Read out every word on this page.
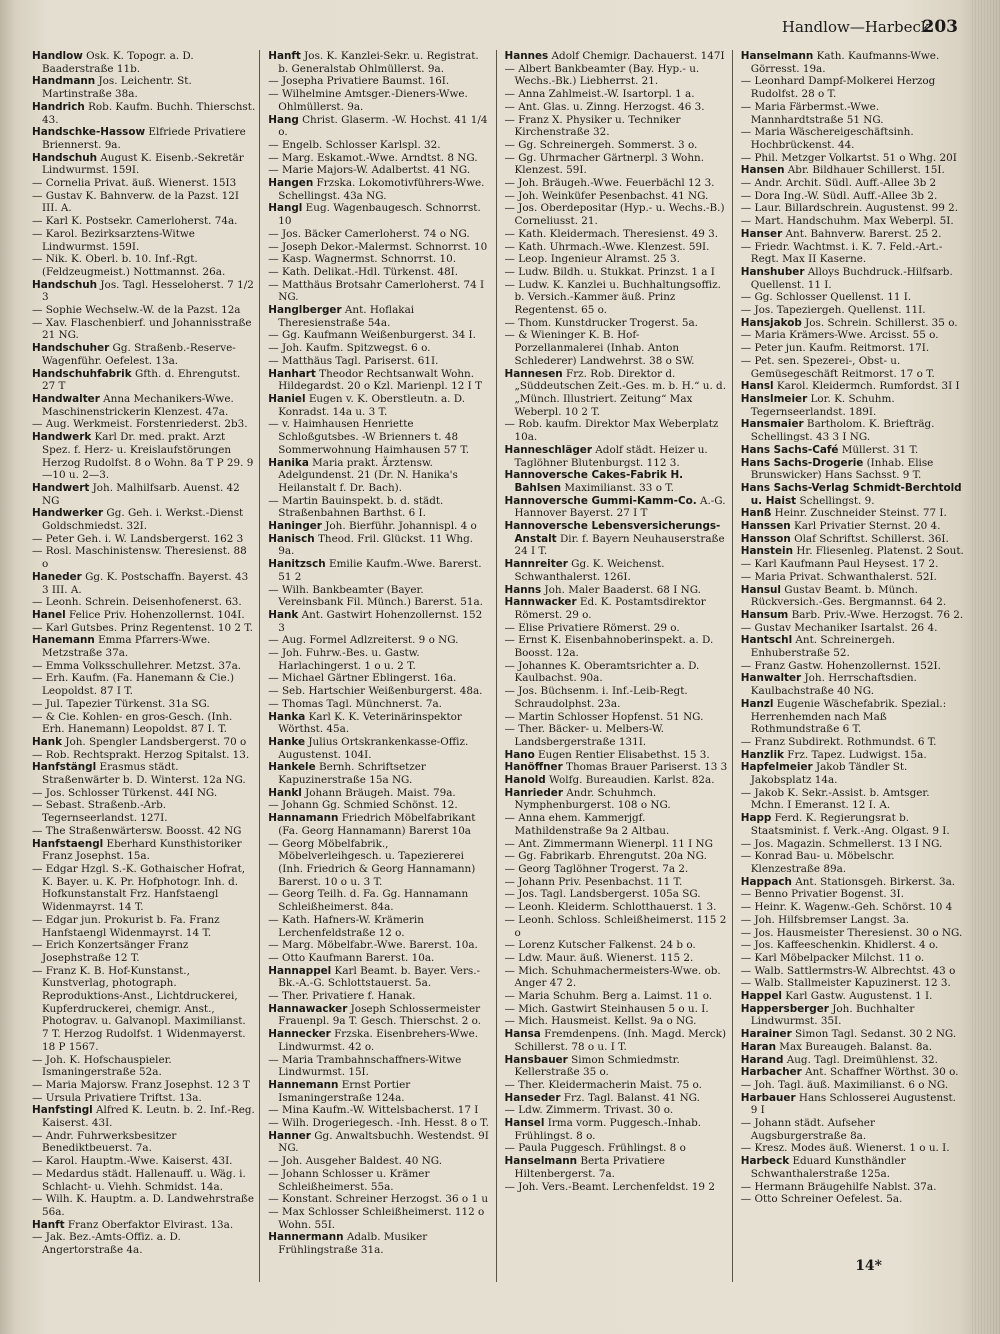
Handlow—Harbeck
203

Handlow Osk. K. Topogr. a. D. Baaderstraße 11b.

Handmann Jos. Leichentr. St. Martinstraße 38a.

Handrich Rob. Kaufm. Buchh. Thierschst. 43.

Handschke-Hassow Elfriede Privatiere Briennerst. 9a.

Handschuh August K. Eisenb.-Sekretär Lindwurmst. 159I.

— Cornelia Privat. äuß. Wienerst. 15I3

— Gustav K. Bahnverw. de la Pazst. 12I III. A.

— Karl K. Postsekr. Camerloherst. 74a.

— Karol. Bezirksarztens-Witwe Lindwurmst. 159I.

— Nik. K. Oberl. b. 10. Inf.-Rgt. (Feldzeugmeist.) Nottmannst. 26a.

Handschuh Jos. Tagl. Hesseloherst. 7 1/2 3

— Sophie Wechselw.-W. de la Pazst. 12a

— Xav. Flaschenbierf. und Johannisstraße 21 NG.

Handschuher Gg. Straßenb.-Reserve-Wagenführ. Oefelest. 13a.

Handschuhfabrik Gfth. d. Ehrengutst. 27 T

Handwalter Anna Mechanikers-Wwe. Maschinenstrickerin Klenzest. 47a.

— Aug. Werkmeist. Forstenriederst. 2b3.

Handwerk Karl Dr. med. prakt. Arzt Spez. f. Herz- u. Kreislaufstörungen Herzog Rudolfst. 8 o Wohn. 8a T P 29. 9—10 u. 2—3.

Handwert Joh. Malhilfsarb. Auenst. 42 NG

Handwerker Gg. Geh. i. Werkst.-Dienst Goldschmiedst. 32I.

— Peter Geh. i. W. Landsbergerst. 162 3

— Rosl. Maschinistensw. Theresienst. 88 o

Haneder Gg. K. Postschaffn. Bayerst. 43 3 III. A.

— Leonh. Schrein. Deisenhofenerst. 63.

Hanel Felice Priv. Hohenzollernst. 104I.

— Karl Gutsbes. Prinz Regentenst. 10 2 T.

Hanemann Emma Pfarrers-Wwe. Metzstraße 37a.

— Emma Volksschullehrer. Metzst. 37a.

— Erh. Kaufm. (Fa. Hanemann & Cie.) Leopoldst. 87 I T.

— Jul. Tapezier Türkenst. 31a SG.

— & Cie. Kohlen- en gros-Gesch. (Inh. Erh. Hanemann) Leopoldst. 87 I. T.

Hank Joh. Spengler Landsbergerst. 70 o

— Rob. Rechtsprakt. Herzog Spitalst. 13.

Hanfstängl Erasmus städt. Straßenwärter b. D. Winterst. 12a NG.

— Jos. Schlosser Türkenst. 44I NG.

— Sebast. Straßenb.-Arb. Tegernseerlandst. 127I.

— The Straßenwärtersw. Boosst. 42 NG

Hanfstaengl Eberhard Kunsthistoriker Franz Josephst. 15a.

— Edgar Hzgl. S.-K. Gothaischer Hofrat, K. Bayer. u. K. Pr. Hofphotogr. Inh. d. Hofkunstanstalt Frz. Hanfstaengl Widenmayrst. 14 T.

— Edgar jun. Prokurist b. Fa. Franz Hanfstaengl Widenmayrst. 14 T.

— Erich Konzertsänger Franz Josephstraße 12 T.

— Franz K. B. Hof-Kunstanst., Kunstverlag, photograph. Reproduktions-Anst., Lichtdruckerei, Kupferdruckerei, chemigr. Anst., Photograv. u. Galvanopl. Maximilianst. 7 T. Herzog Rudolfst. 1 Widenmayerst. 18 P 1567.

— Joh. K. Hofschauspieler. Ismaningerstraße 52a.

— Maria Majorsw. Franz Josephst. 12 3 T

— Ursula Privatiere Triftst. 13a.

Hanfstingl Alfred K. Leutn. b. 2. Inf.-Reg. Kaiserst. 43I.

— Andr. Fuhrwerksbesitzer Benediktbeuerst. 7a.

— Karol. Hauptm.-Wwe. Kaiserst. 43I.

— Medardus städt. Hallenauff. u. Wäg. i. Schlacht- u. Viehh. Schmidst. 14a.

— Wilh. K. Hauptm. a. D. Landwehrstraße 56a.

Hanft Franz Oberfaktor Elvirast. 13a.

— Jak. Bez.-Amts-Offiz. a. D. Angertorstraße 4a.

Hanft Jos. K. Kanzlei-Sekr. u. Registrat. b. Generalstab Ohlmüllerst. 9a.

— Josepha Privatiere Baumst. 16I.

— Wilhelmine Amtsger.-Dieners-Wwe. Ohlmüllerst. 9a.

Hang Christ. Glaserm. -W. Hochst. 41 1/4 o.

— Engelb. Schlosser Karlspl. 32.

— Marg. Eskamot.-Wwe. Arndtst. 8 NG.

— Marie Majors-W. Adalbertst. 41 NG.

Hangen Frzska. Lokomotivführers-Wwe. Schellingst. 43a NG.

Hangl Eug. Wagenbaugesch. Schnorrst. 10

— Jos. Bäcker Camerloherst. 74 o NG.

— Joseph Dekor.-Malermst. Schnorrst. 10

— Kasp. Wagnermst. Schnorrst. 10.

— Kath. Delikat.-Hdl. Türkenst. 48I.

— Matthäus Brotsahr Camerloherst. 74 I NG.

Hanglberger Ant. Hoflakai Theresienstraße 54a.

— Gg. Kaufmann Weißenburgerst. 34 I.

— Joh. Kaufm. Spitzwegst. 6 o.

— Matthäus Tagl. Pariserst. 61I.

Hanhart Theodor Rechtsanwalt Wohn. Hildegardst. 20 o Kzl. Marienpl. 12 I T

Haniel Eugen v. K. Oberstleutn. a. D. Konradst. 14a u. 3 T.

— v. Haimhausen Henriette Schloßgutsbes. -W Brienners t. 48 Sommerwohnung Haimhausen 57 T.

Hanika Maria prakt. Ärztensw. Adelgundenst. 21 (Dr. N. Hanika's Heilanstalt f. Dr. Bach).

— Martin Bauinspekt. b. d. städt. Straßenbahnen Barthst. 6 I.

Haninger Joh. Bierführ. Johannispl. 4 o

Hanisch Theod. Fril. Glückst. 11 Whg. 9a.

Hanitzsch Emilie Kaufm.-Wwe. Barerst. 51 2

— Wilh. Bankbeamter (Bayer. Vereinsbank Fil. Münch.) Barerst. 51a.

Hank Ant. Gastwirt Hohenzollernst. 152 3

— Aug. Formel Adlzreiterst. 9 o NG.

— Joh. Fuhrw.-Bes. u. Gastw. Harlachingerst. 1 o u. 2 T.

— Michael Gärtner Eblingerst. 16a.

— Seb. Hartschier Weißenburgerst. 48a.

— Thomas Tagl. Münchnerst. 7a.

Hanka Karl K. K. Veterinärinspektor Wörthst. 45a.

Hanke Julius Ortskrankenkasse-Offiz. Augustenst. 104I.

Hankele Bernh. Schriftsetzer Kapuzinerstraße 15a NG.

Hankl Johann Bräugeh. Maist. 79a.

— Johann Gg. Schmied Schönst. 12.

Hannamann Friedrich Möbelfabrikant (Fa. Georg Hannamann) Barerst 10a

— Georg Möbelfabrik., Möbelverleihgesch. u. Tapeziererei (Inh. Friedrich & Georg Hannamann) Barerst. 10 o u. 3 T.

— Georg Teilh. d. Fa. Gg. Hannamann Schleißheimerst. 84a.

— Kath. Hafners-W. Krämerin Lerchenfeldstraße 12 o.

— Marg. Möbelfabr.-Wwe. Barerst. 10a.

— Otto Kaufmann Barerst. 10a.

Hannappel Karl Beamt. b. Bayer. Vers.-Bk.-A.-G. Schlottstauerst. 5a.

— Ther. Privatiere f. Hanak.

Hannawacker Joseph Schlossermeister Frauenpl. 9a T. Gesch. Thierschst. 2 o.

Hannecker Frzska. Eisenbrehers-Wwe. Lindwurmst. 42 o.

— Maria Trambahnschaffners-Witwe Lindwurmst. 15I.

Hannemann Ernst Portier Ismaningerstraße 124a.

— Mina Kaufm.-W. Wittelsbacherst. 17 I

— Wilh. Drogeriegesch. -Inh. Hesst. 8 o T.

Hanner Gg. Anwaltsbuchh. Westendst. 9I NG.

— Joh. Ausgeher Baldest. 40 NG.

— Johann Schlosser u. Krämer Schleißheimerst. 55a.

— Konstant. Schreiner Herzogst. 36 o 1 u

— Max Schlosser Schleißheimerst. 112 o Wohn. 55I.

Hannermann Adalb. Musiker Frühlingstraße 31a.

Hannes Adolf Chemigr. Dachauerst. 147I

— Albert Bankbeamter (Bay. Hyp.- u. Wechs.-Bk.) Liebherrst. 21.

— Anna Zahlmeist.-W. Isartorpl. 1 a.

— Ant. Glas. u. Zinng. Herzogst. 46 3.

— Franz X. Physiker u. Techniker Kirchenstraße 32.

— Gg. Schreinergeh. Sommerst. 3 o.

— Gg. Uhrmacher Gärtnerpl. 3 Wohn. Klenzest. 59I.

— Joh. Bräugeh.-Wwe. Feuerbächl 12 3.

— Joh. Weinküfer Pesenbachst. 41 NG.

— Jos. Oberdepositar (Hyp.- u. Wechs.-B.) Corneliusst. 21.

— Kath. Kleidermach. Theresienst. 49 3.

— Kath. Uhrmach.-Wwe. Klenzest. 59I.

— Leop. Ingenieur Alramst. 25 3.

— Ludw. Bildh. u. Stukkat. Prinzst. 1 a I

— Ludw. K. Kanzlei u. Buchhaltungsoffiz. b. Versich.-Kammer äuß. Prinz Regentenst. 65 o.

— Thom. Kunstdrucker Trogerst. 5a.

— & Wieninger K. B. Hof-Porzellanmalerei (Inhab. Anton Schlederer) Landwehrst. 38 o SW.

Hannesen Frz. Rob. Direktor d. „Süddeutschen Zeit.-Ges. m. b. H.“ u. d. „Münch. Illustriert. Zeitung“ Max Weberpl. 10 2 T.

— Rob. kaufm. Direktor Max Weberplatz 10a.

Hanneschläger Adolf städt. Heizer u. Taglöhner Blutenburgst. 112 3.

Hannoversche Cakes-Fabrik H. Bahlsen Maximilianst. 33 o T.

Hannoversche Gummi-Kamm-Co. A.-G. Hannover Bayerst. 27 I T

Hannoversche Lebensversicherungs-Anstalt Dir. f. Bayern Neuhauserstraße 24 I T.

Hannreiter Gg. K. Weichenst. Schwanthalerst. 126I.

Hanns Joh. Maler Baaderst. 68 I NG.

Hannwacker Ed. K. Postamtsdirektor Römerst. 29 o.

— Elise Privatiere Römerst. 29 o.

— Ernst K. Eisenbahnoberinspekt. a. D. Boosst. 12a.

— Johannes K. Oberamtsrichter a. D. Kaulbachst. 90a.

— Jos. Büchsenm. i. Inf.-Leib-Regt. Schraudolphst. 23a.

— Martin Schlosser Hopfenst. 51 NG.

— Ther. Bäcker- u. Melbers-W. Landsbergerstraße 131I.

Hano Eugen Rentier Elisabethst. 15 3.

Hanöffner Thomas Brauer Pariserst. 13 3

Hanold Wolfg. Bureaudien. Karlst. 82a.

Hanrieder Andr. Schuhmch. Nymphenburgerst. 108 o NG.

— Anna ehem. Kammerjgf. Mathildenstraße 9a 2 Altbau.

— Ant. Zimmermann Wienerpl. 11 I NG

— Gg. Fabrikarb. Ehrengutst. 20a NG.

— Georg Taglöhner Trogerst. 7a 2.

— Johann Priv. Pesenbachst. 11 T.

— Jos. Tagl. Landsbergerst. 105a SG.

— Leonh. Kleiderm. Schlotthauerst. 1 3.

— Leonh. Schloss. Schleißheimerst. 115 2 o

— Lorenz Kutscher Falkenst. 24 b o.

— Ldw. Maur. äuß. Wienerst. 115 2.

— Mich. Schuhmachermeisters-Wwe. ob. Anger 47 2.

— Maria Schuhm. Berg a. Laimst. 11 o.

— Mich. Gastwirt Steinhausen 5 o u. I.

— Mich. Hausmeist. Kellst. 9a o NG.

Hansa Fremdenpens. (Inh. Magd. Merck) Schillerst. 78 o u. I T.

Hansbauer Simon Schmiedmstr. Kellerstraße 35 o.

— Ther. Kleidermacherin Maist. 75 o.

Hanseder Frz. Tagl. Balanst. 41 NG.

— Ldw. Zimmerm. Trivast. 30 o.

Hansel Irma vorm. Puggesch.-Inhab. Frühlingst. 8 o.

— Paula Puggesch. Frühlingst. 8 o

Hanselmann Berta Privatiere Hiltenbergerst. 7a.

— Joh. Vers.-Beamt. Lerchenfeldst. 19 2

Hanselmann Kath. Kaufmanns-Wwe. Görresst. 19a.

— Leonhard Dampf-Molkerei Herzog Rudolfst. 28 o T.

— Maria Färbermst.-Wwe. Mannhardtstraße 51 NG.

— Maria Wäschereigeschäftsinh. Hochbrückenst. 44.

— Phil. Metzger Volkartst. 51 o Whg. 20I

Hansen Abr. Bildhauer Schillerst. 15I.

— Andr. Archit. Südl. Auff.-Allee 3b 2

— Dora Ing.-W. Südl. Auff.-Allee 3b 2.

— Laur. Billardschrein. Augustenst. 99 2.

— Mart. Handschuhm. Max Weberpl. 5I.

Hanser Ant. Bahnverw. Barerst. 25 2.

— Friedr. Wachtmst. i. K. 7. Feld.-Art.-Regt. Max II Kaserne.

Hanshuber Alloys Buchdruck.-Hilfsarb. Quellenst. 11 I.

— Gg. Schlosser Quellenst. 11 I.

— Jos. Tapeziergeh. Quellenst. 11I.

Hansjakob Jos. Schrein. Schillerst. 35 o.

— Maria Krämers-Wwe. Arcisst. 55 o.

— Peter jun. Kaufm. Reitmorst. 17I.

— Pet. sen. Spezerei-, Obst- u. Gemüsegeschäft Reitmorst. 17 o T.

Hansl Karol. Kleidermch. Rumfordst. 3I I

Hanslmeier Lor. K. Schuhm. Tegernseerlandst. 189I.

Hansmaier Bartholom. K. Briefträg. Schellingst. 43 3 I NG.

Hans Sachs-Café Müllerst. 31 T.

Hans Sachs-Drogerie (Inhab. Elise Brunswicker) Hans Sachsst. 9 T.

Hans Sachs-Verlag Schmidt-Berchtold u. Haist Schellingst. 9.

Hanß Heinr. Zuschneider Steinst. 77 I.

Hanssen Karl Privatier Sternst. 20 4.

Hansson Olaf Schriftst. Schillerst. 36I.

Hanstein Hr. Fliesenleg. Platenst. 2 Sout.

— Karl Kaufmann Paul Heysest. 17 2.

— Maria Privat. Schwanthalerst. 52I.

Hansul Gustav Beamt. b. Münch. Rückversich.-Ges. Bergmannst. 64 2.

Hansum Barb. Priv.-Wwe. Herzogst. 76 2.

— Gustav Mechaniker Isartalst. 26 4.

Hantschl Ant. Schreinergeh. Enhuberstraße 52.

— Franz Gastw. Hohenzollernst. 152I.

Hanwalter Joh. Herrschaftsdien. Kaulbachstraße 40 NG.

Hanzl Eugenie Wäschefabrik. Spezial.: Herrenhemden nach Maß Rothmundstraße 6 T.

— Franz Subdirekt. Rothmundst. 6 T.

Hanzlik Frz. Tapez. Ludwigst. 15a.

Hapfelmeier Jakob Tändler St. Jakobsplatz 14a.

— Jakob K. Sekr.-Assist. b. Amtsger. Mchn. I Emeranst. 12 I. A.

Happ Ferd. K. Regierungsrat b. Staatsminist. f. Verk.-Ang. Olgast. 9 I.

— Jos. Magazin. Schmellerst. 13 I NG.

— Konrad Bau- u. Möbelschr. Klenzestraße 89a.

Happach Ant. Stationsgeh. Birkerst. 3a.

— Benno Privatier Bogenst. 3I.

— Heinr. K. Wagenw.-Geh. Schörst. 10 4

— Joh. Hilfsbremser Langst. 3a.

— Jos. Hausmeister Theresienst. 30 o NG.

— Jos. Kaffeeschenkin. Khidlerst. 4 o.

— Karl Möbelpacker Milchst. 11 o.

— Walb. Sattlermstrs-W. Albrechtst. 43 o

— Walb. Stallmeister Kapuzinerst. 12 3.

Happel Karl Gastw. Augustenst. 1 I.

Happersberger Joh. Buchhalter Lindwurmst. 35I.

Harainer Simon Tagl. Sedanst. 30 2 NG.

Haran Max Bureaugeh. Balanst. 8a.

Harand Aug. Tagl. Dreimühlenst. 32.

Harbacher Ant. Schaffner Wörthst. 30 o.

— Joh. Tagl. äuß. Maximilianst. 6 o NG.

Harbauer Hans Schlosserei Augustenst. 9 I

— Johann städt. Aufseher Augsburgerstraße 8a.

— Kresz. Modes äuß. Wienerst. 1 o u. I.

Harbeck Eduard Kunsthändler Schwanthalerstraße 125a.

— Hermann Bräugehilfe Nablst. 37a.

— Otto Schreiner Oefelest. 5a.

14*
